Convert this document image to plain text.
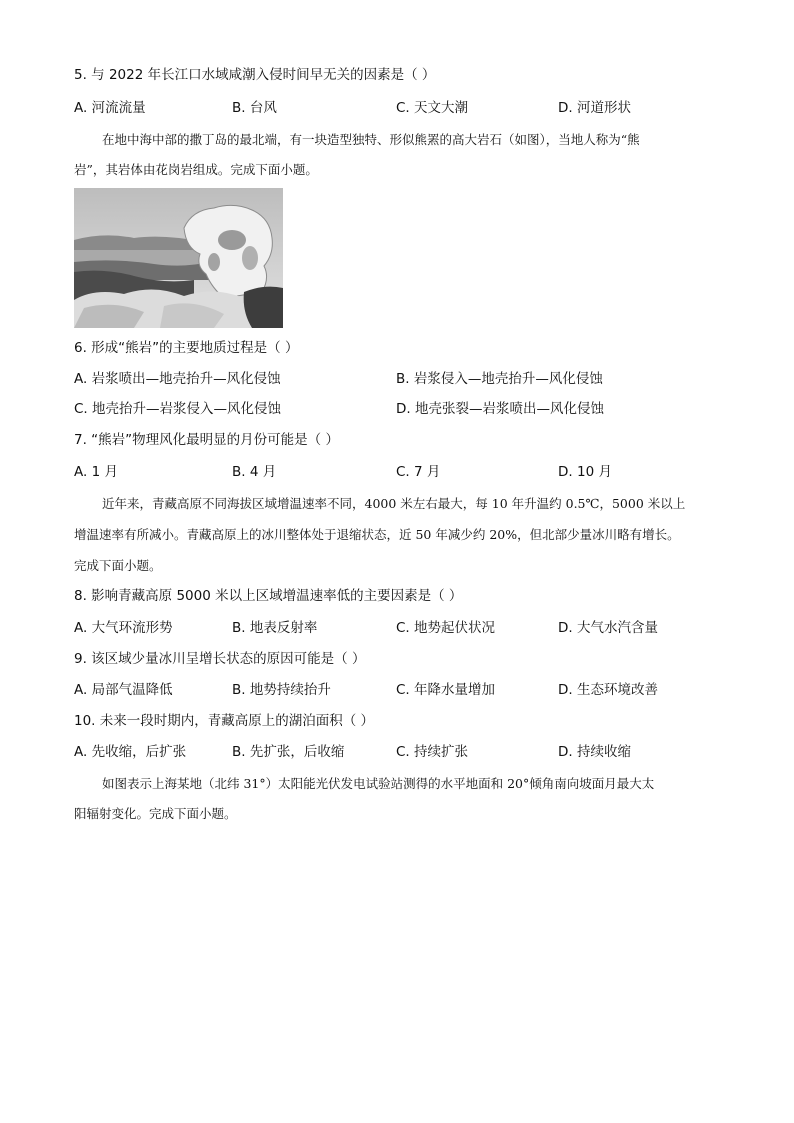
5. 与 2022 年长江口水域咸潮入侵时间早无关的因素是（ ）
A. 河流流量	B. 台风	C. 天文大潮	D. 河道形状
在地中海中部的撒丁岛的最北端，有一块造型独特、形似熊罴的高大岩石（如图），当地人称为“熊
岩”，其岩体由花岗岩组成。完成下面小题。
6. 形成“熊岩”的主要地质过程是（ ）
A. 岩浆喷出—地壳抬升—风化侵蚀	B. 岩浆侵入—地壳抬升—风化侵蚀
C. 地壳抬升—岩浆侵入—风化侵蚀	D. 地壳张裂—岩浆喷出—风化侵蚀
7. “熊岩”物理风化最明显的月份可能是（ ）
A. 1 月	B. 4 月	C. 7 月	D. 10 月
近年来，青藏高原不同海拔区域增温速率不同，4000 米左右最大，每 10 年升温约 0.5℃，5000 米以上
增温速率有所减小。青藏高原上的冰川整体处于退缩状态，近 50 年减少约 20%，但北部少量冰川略有增长。
完成下面小题。
8. 影响青藏高原 5000 米以上区域增温速率低的主要因素是（ ）
A. 大气环流形势	B. 地表反射率	C. 地势起伏状况	D. 大气水汽含量
9. 该区域少量冰川呈增长状态的原因可能是（ ）
A. 局部气温降低	B. 地势持续抬升	C. 年降水量增加	D. 生态环境改善
10. 未来一段时期内，青藏高原上的湖泊面积（ ）
A. 先收缩，后扩张	B. 先扩张，后收缩	C. 持续扩张	D. 持续收缩
如图表示上海某地（北纬 31°）太阳能光伏发电试验站测得的水平地面和 20°倾角南向坡面月最大太
阳辐射变化。完成下面小题。
